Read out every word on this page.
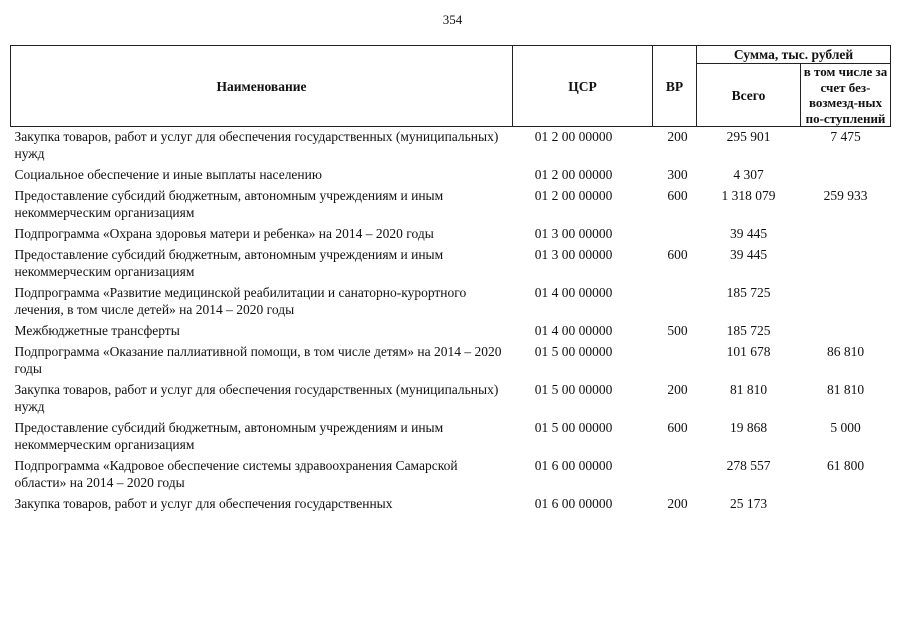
354
Наименование	ЦСР	ВР	Сумма, тыс. рублей	
			Всего	в том числе за счет без-возмезд-ных по-ступлений
Закупка товаров, работ и услуг для обеспечения государственных (муниципальных) нужд	01 2 00 00000	200	295 901	7 475
Социальное обеспечение и иные выплаты населению	01 2 00 00000	300	4 307	
Предоставление субсидий бюджетным, автономным учреждениям и иным некоммерческим организациям	01 2 00 00000	600	1 318 079	259 933
Подпрограмма «Охрана здоровья матери и ребенка» на 2014 – 2020 годы	01 3 00 00000		39 445	
Предоставление субсидий бюджетным, автономным учреждениям и иным некоммерческим организациям	01 3 00 00000	600	39 445	
Подпрограмма «Развитие медицинской реабилитации и санаторно-курортного лечения, в том числе детей» на 2014 – 2020 годы	01 4 00 00000		185 725	
Межбюджетные трансферты	01 4 00 00000	500	185 725	
Подпрограмма «Оказание паллиативной помощи, в том числе детям» на 2014 – 2020 годы	01 5 00 00000		101 678	86 810
Закупка товаров, работ и услуг для обеспечения государственных (муниципальных) нужд	01 5 00 00000	200	81 810	81 810
Предоставление субсидий бюджетным, автономным учреждениям и иным некоммерческим организациям	01 5 00 00000	600	19 868	5 000
Подпрограмма «Кадровое обеспечение системы здравоохранения Самарской области» на 2014 – 2020 годы	01 6 00 00000		278 557	61 800
Закупка товаров, работ и услуг для обеспечения государственных	01 6 00 00000	200	25 173	
